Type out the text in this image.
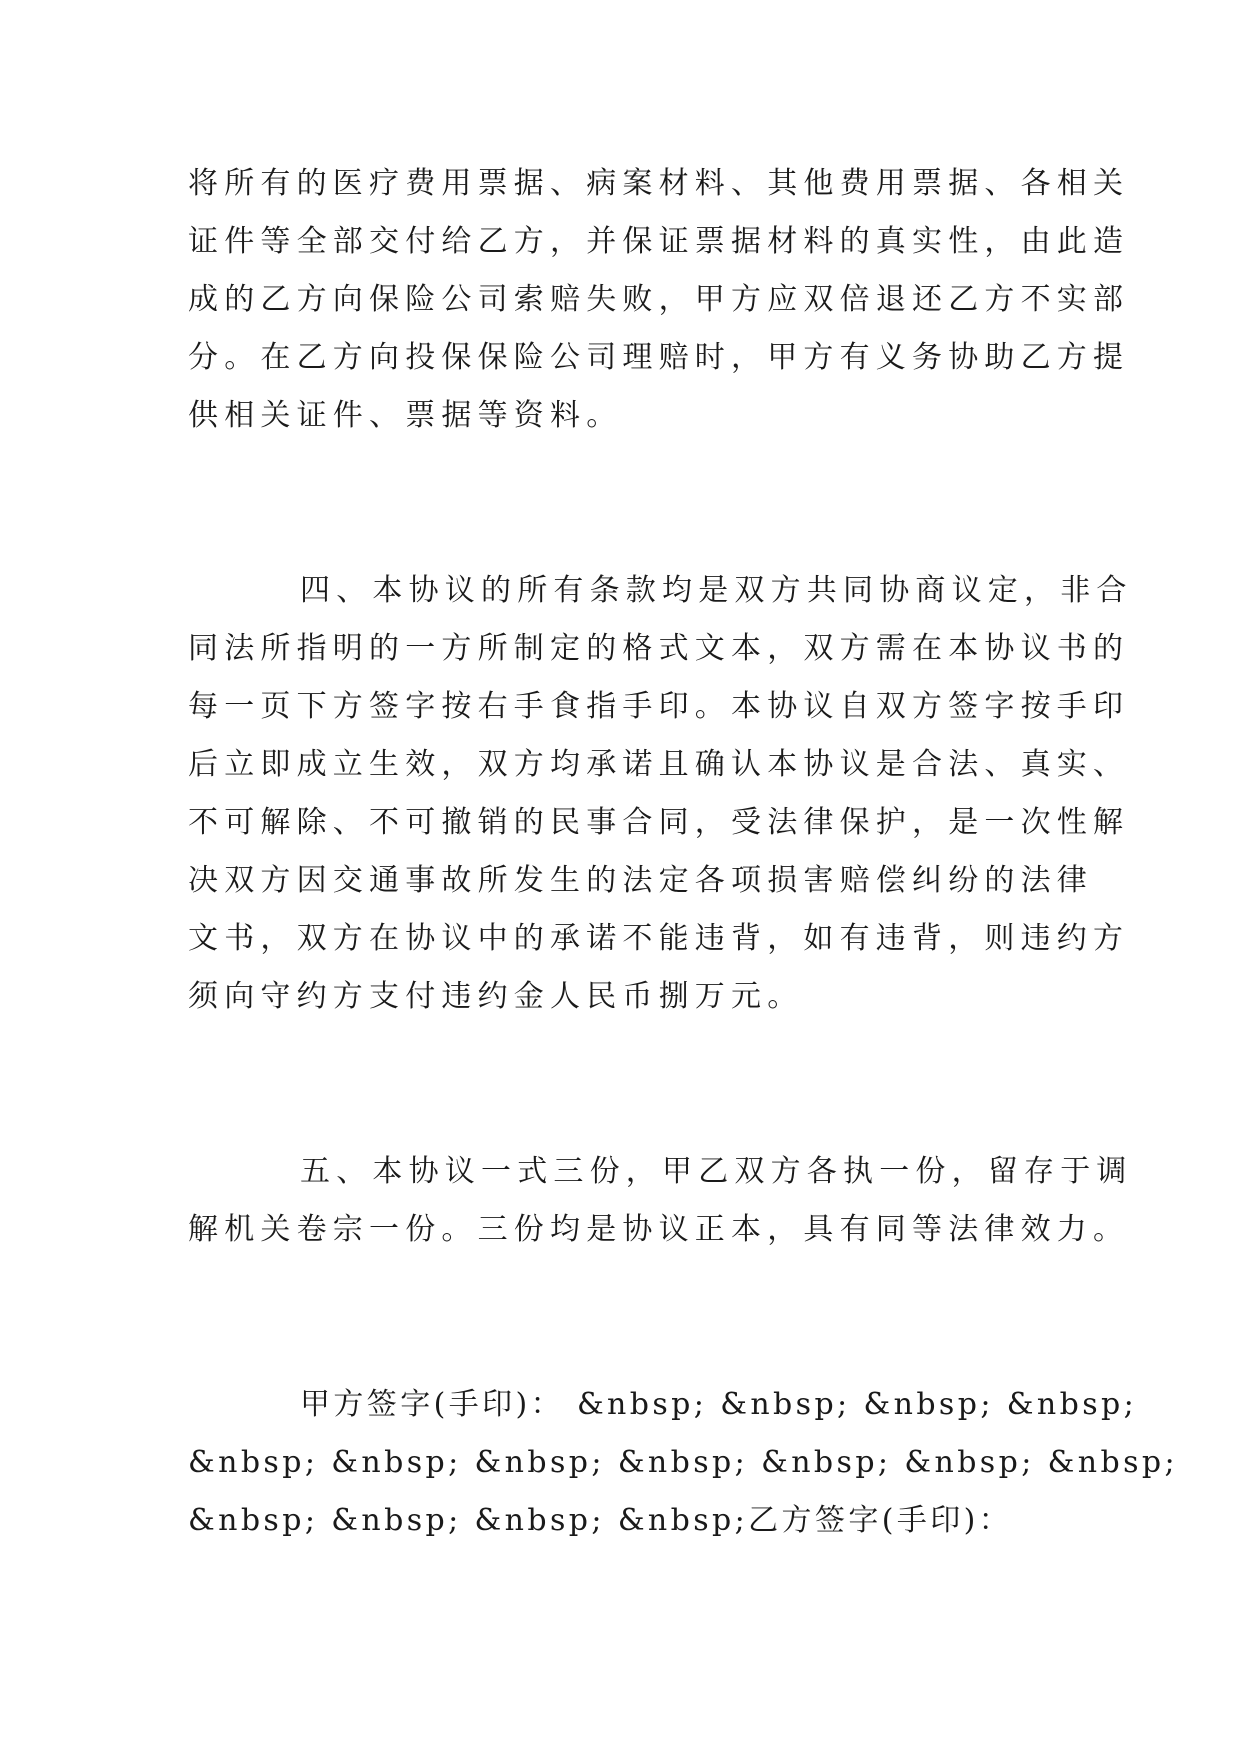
将所有的医疗费用票据、病案材料、其他费用票据、各相关
证件等全部交付给乙方，并保证票据材料的真实性，由此造
成的乙方向保险公司索赔失败，甲方应双倍退还乙方不实部
分。在乙方向投保保险公司理赔时，甲方有义务协助乙方提
供相关证件、票据等资料。
四、本协议的所有条款均是双方共同协商议定，非合
同法所指明的一方所制定的格式文本，双方需在本协议书的
每一页下方签字按右手食指手印。本协议自双方签字按手印
后立即成立生效，双方均承诺且确认本协议是合法、真实、
不可解除、不可撤销的民事合同，受法律保护，是一次性解
决双方因交通事故所发生的法定各项损害赔偿纠纷的法律
文书，双方在协议中的承诺不能违背，如有违背，则违约方
须向守约方支付违约金人民币捌万元。
五、本协议一式三份，甲乙双方各执一份，留存于调
解机关卷宗一份。三份均是协议正本，具有同等法律效力。
甲方签字(手印)： &nbsp; &nbsp; &nbsp; &nbsp;
&nbsp; &nbsp; &nbsp; &nbsp; &nbsp; &nbsp; &nbsp;
&nbsp; &nbsp; &nbsp; &nbsp;乙方签字(手印)：
